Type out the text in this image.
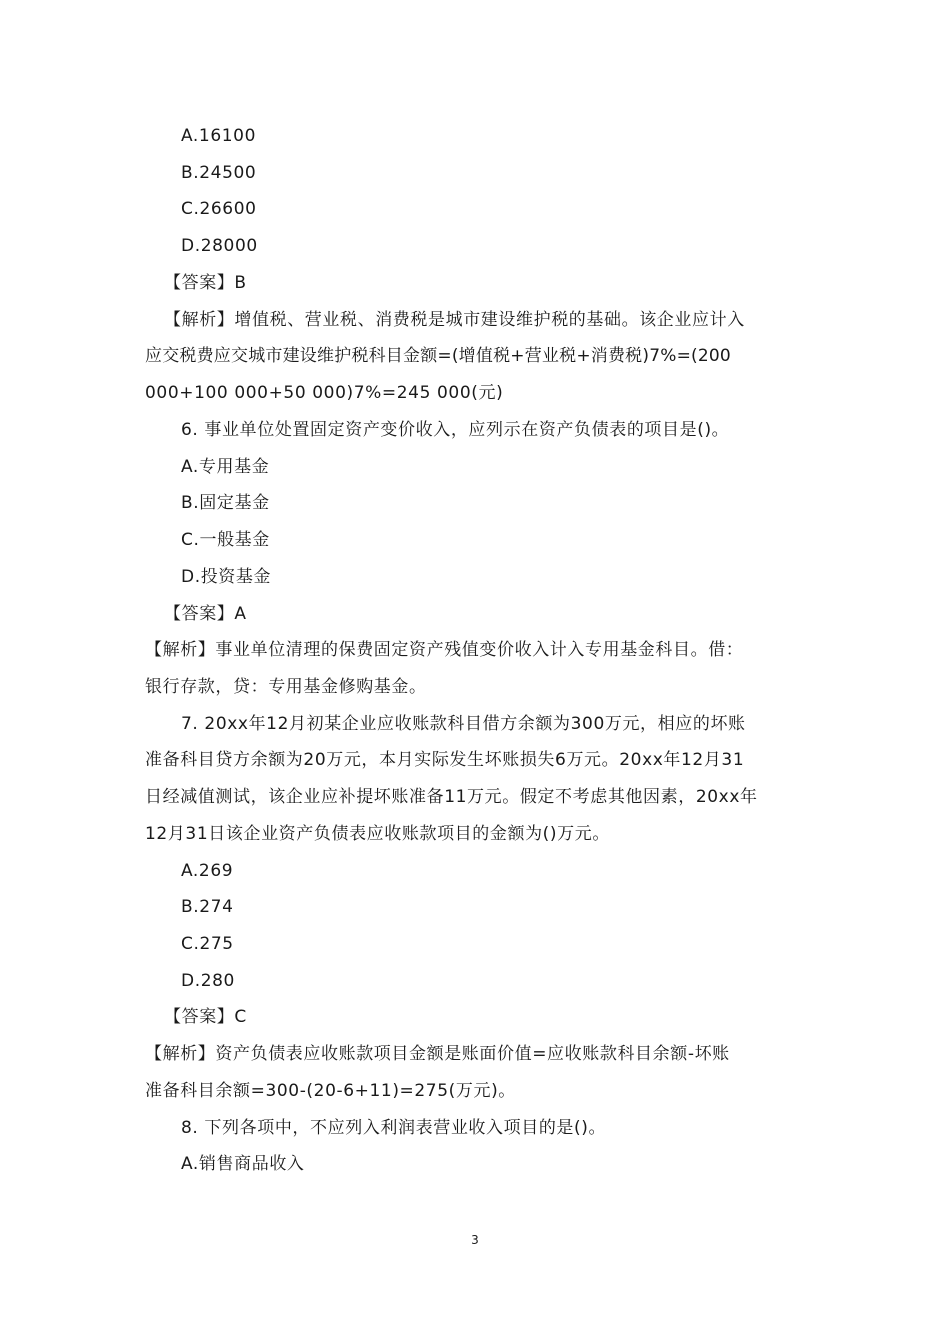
A.16100
B.24500
C.26600
D.28000
【答案】B
【解析】增值税、营业税、消费税是城市建设维护税的基础。该企业应计入
应交税费应交城市建设维护税科目金额=(增值税+营业税+消费税)7%=(200
000+100 000+50 000)7%=245 000(元)
6. 事业单位处置固定资产变价收入，应列示在资产负债表的项目是()。
A.专用基金
B.固定基金
C.一般基金
D.投资基金
【答案】A
【解析】事业单位清理的保费固定资产残值变价收入计入专用基金科目。借：
银行存款，贷：专用基金修购基金。
7. 20xx年12月初某企业应收账款科目借方余额为300万元，相应的坏账
准备科目贷方余额为20万元，本月实际发生坏账损失6万元。20xx年12月31
日经减值测试，该企业应补提坏账准备11万元。假定不考虑其他因素，20xx年
12月31日该企业资产负债表应收账款项目的金额为()万元。
A.269
B.274
C.275
D.280
【答案】C
【解析】资产负债表应收账款项目金额是账面价值=应收账款科目余额-坏账
准备科目余额=300-(20-6+11)=275(万元)。
8. 下列各项中，不应列入利润表营业收入项目的是()。
A.销售商品收入
3
